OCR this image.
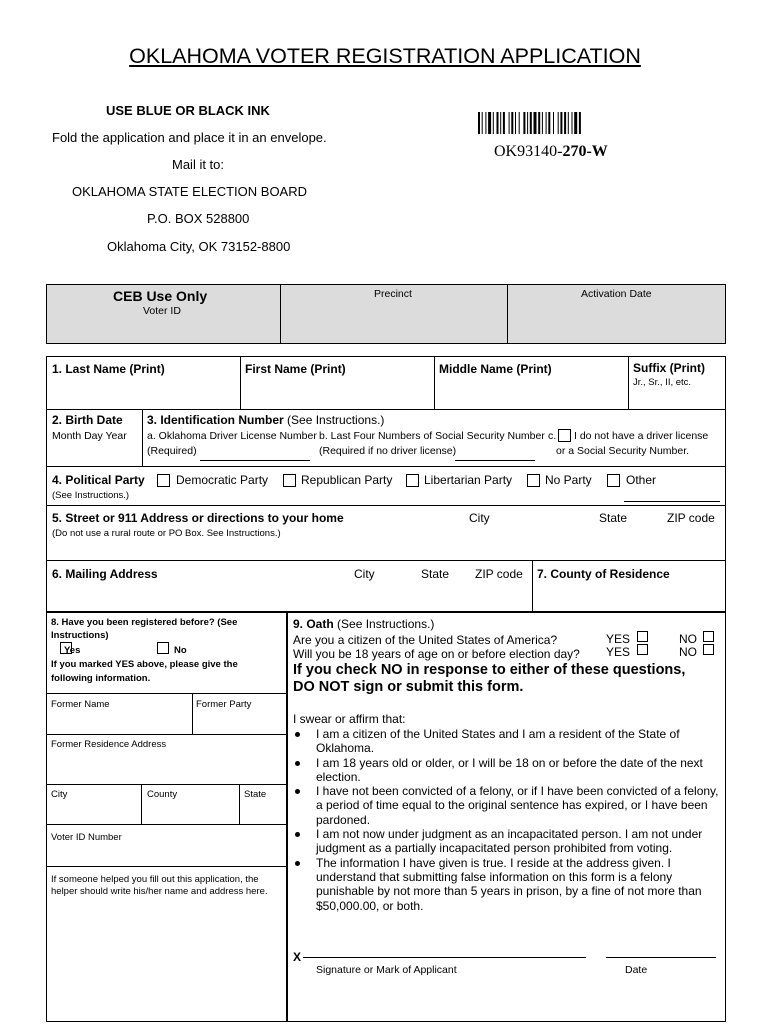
OKLAHOMA VOTER REGISTRATION APPLICATION
USE BLUE OR BLACK INK
Fold the application and place it in an envelope.
Mail it to:
OKLAHOMA STATE ELECTION BOARD
P.O. BOX 528800
Oklahoma City, OK 73152-8800
OK93140-270-W
CEB Use Only
Voter ID
Precinct	Activation Date
1. Last Name (Print)	First Name (Print)	Middle Name (Print)	Suffix (Print)
Jr., Sr., II, etc.
2. Birth Date
Month Day Year
3. Identification Number (See Instructions.)
a. Oklahoma Driver License Number
(Required)
b. Last Four Numbers of Social Security Number
(Required if no driver license)
c. I do not have a driver license
or a Social Security Number.
4. Political Party
(See Instructions.)
Democratic Party	Republican Party	Libertarian Party	No Party	Other
5. Street or 911 Address or directions to your home
(Do not use a rural route or PO Box. See Instructions.)
City	State	ZIP code
6. Mailing Address	City	State ZIP code 7. County of Residence
8. Have you been registered before? (See
Instructions)
Yes	No
If you marked YES above, please give the
following information.
Former Name	Former Party
Former Residence Address
City	County	State
Voter ID Number
If someone helped you fill out this application, the
helper should write his/her name and address here.
9. Oath (See Instructions.)
Are you a citizen of the United States of America?
Will you be 18 years of age on or before election day?
YES	NO
YES	NO
If you check NO in response to either of these questions,
DO NOT sign or submit this form.
I swear or affirm that:

I am a citizen of the United States and I am a resident of the State of Oklahoma.

I am 18 years old or older, or I will be 18 on or before the date of the next election.

I have not been convicted of a felony, or if I have been convicted of a felony, a period of time equal to the original sentence has expired, or I have been pardoned.

I am not now under judgment as an incapacitated person. I am not under judgment as a partially incapacitated person prohibited from voting.

The information I have given is true. I reside at the address given. I understand that submitting false information on this form is a felony punishable by not more than 5 years in prison, by a fine of not more than $50,000.00, or both.

X
Signature or Mark of Applicant	Date
